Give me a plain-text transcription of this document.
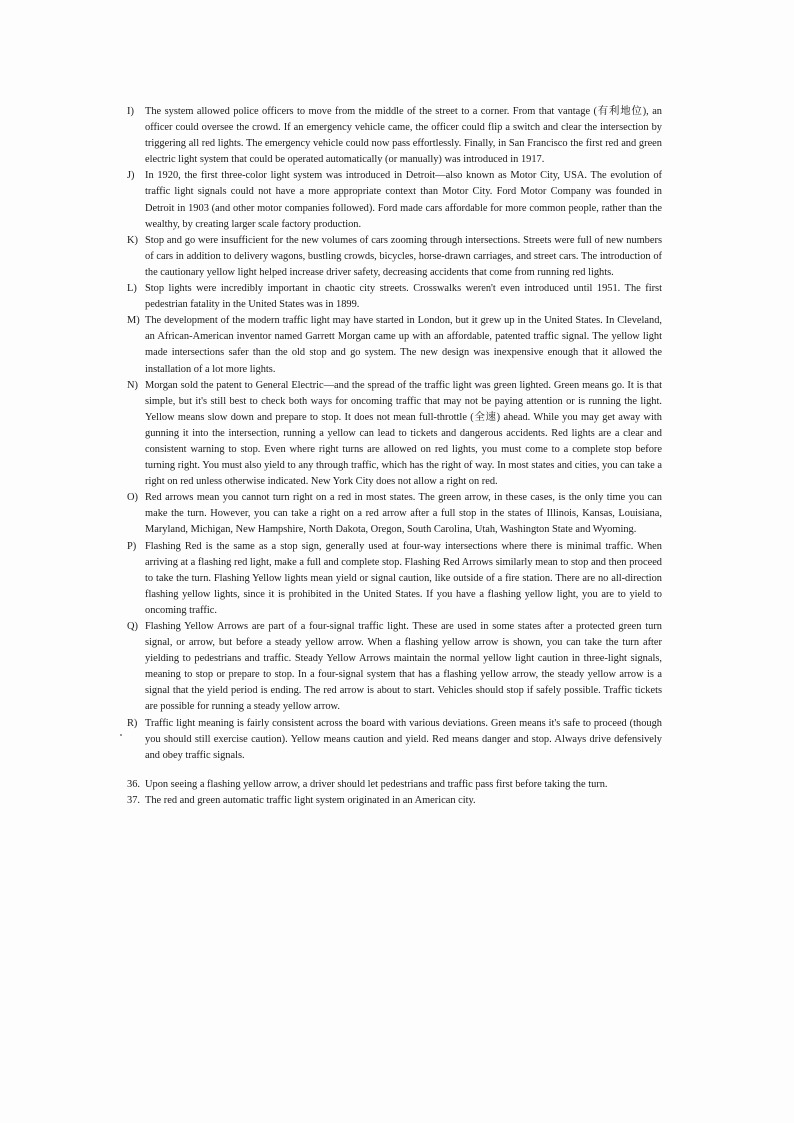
I)	The system allowed police officers to move from the middle of the street to a corner. From that vantage (有利地位), an officer could oversee the crowd. If an emergency vehicle came, the officer could flip a switch and clear the intersection by triggering all red lights. The emergency vehicle could now pass effortlessly. Finally, in San Francisco the first red and green electric light system that could be operated automatically (or manually) was introduced in 1917.
J)	In 1920, the first three-color light system was introduced in Detroit—also known as Motor City, USA. The evolution of traffic light signals could not have a more appropriate context than Motor City. Ford Motor Company was founded in Detroit in 1903 (and other motor companies followed). Ford made cars affordable for more common people, rather than the wealthy, by creating larger scale factory production.
K) Stop and go were insufficient for the new volumes of cars zooming through intersections. Streets were full of new numbers of cars in addition to delivery wagons, bustling crowds, bicycles, horse-drawn carriages, and street cars. The introduction of the cautionary yellow light helped increase driver safety, decreasing accidents that come from running red lights.
L) Stop lights were incredibly important in chaotic city streets. Crosswalks weren't even introduced until 1951. The first pedestrian fatality in the United States was in 1899.
M) The development of the modern traffic light may have started in London, but it grew up in the United States. In Cleveland, an African-American inventor named Garrett Morgan came up with an affordable, patented traffic signal. The yellow light made intersections safer than the old stop and go system. The new design was inexpensive enough that it allowed the installation of a lot more lights.
N) Morgan sold the patent to General Electric—and the spread of the traffic light was green lighted. Green means go. It is that simple, but it's still best to check both ways for oncoming traffic that may not be paying attention or is running the light. Yellow means slow down and prepare to stop. It does not mean full-throttle (全速) ahead. While you may get away with gunning it into the intersection, running a yellow can lead to tickets and dangerous accidents. Red lights are a clear and consistent warning to stop. Even where right turns are allowed on red lights, you must come to a complete stop before turning right. You must also yield to any through traffic, which has the right of way. In most states and cities, you can take a right on red unless otherwise indicated. New York City does not allow a right on red.
O) Red arrows mean you cannot turn right on a red in most states. The green arrow, in these cases, is the only time you can make the turn. However, you can take a right on a red arrow after a full stop in the states of Illinois, Kansas, Louisiana, Maryland, Michigan, New Hampshire, North Dakota, Oregon, South Carolina, Utah, Washington State and Wyoming.
P) Flashing Red is the same as a stop sign, generally used at four-way intersections where there is minimal traffic. When arriving at a flashing red light, make a full and complete stop. Flashing Red Arrows similarly mean to stop and then proceed to take the turn. Flashing Yellow lights mean yield or signal caution, like outside of a fire station. There are no all-direction flashing yellow lights, since it is prohibited in the United States. If you have a flashing yellow light, you are to yield to oncoming traffic.
Q) Flashing Yellow Arrows are part of a four-signal traffic light. These are used in some states after a protected green turn signal, or arrow, but before a steady yellow arrow. When a flashing yellow arrow is shown, you can take the turn after yielding to pedestrians and traffic. Steady Yellow Arrows maintain the normal yellow light caution in three-light signals, meaning to stop or prepare to stop. In a four-signal system that has a flashing yellow arrow, the steady yellow arrow is a signal that the yield period is ending. The red arrow is about to start. Vehicles should stop if safely possible. Traffic tickets are possible for running a steady yellow arrow.
R) Traffic light meaning is fairly consistent across the board with various deviations. Green means it's safe to proceed (though you should still exercise caution). Yellow means caution and yield. Red means danger and stop. Always drive defensively and obey traffic signals.
36. Upon seeing a flashing yellow arrow, a driver should let pedestrians and traffic pass first before taking the turn.
37. The red and green automatic traffic light system originated in an American city.
